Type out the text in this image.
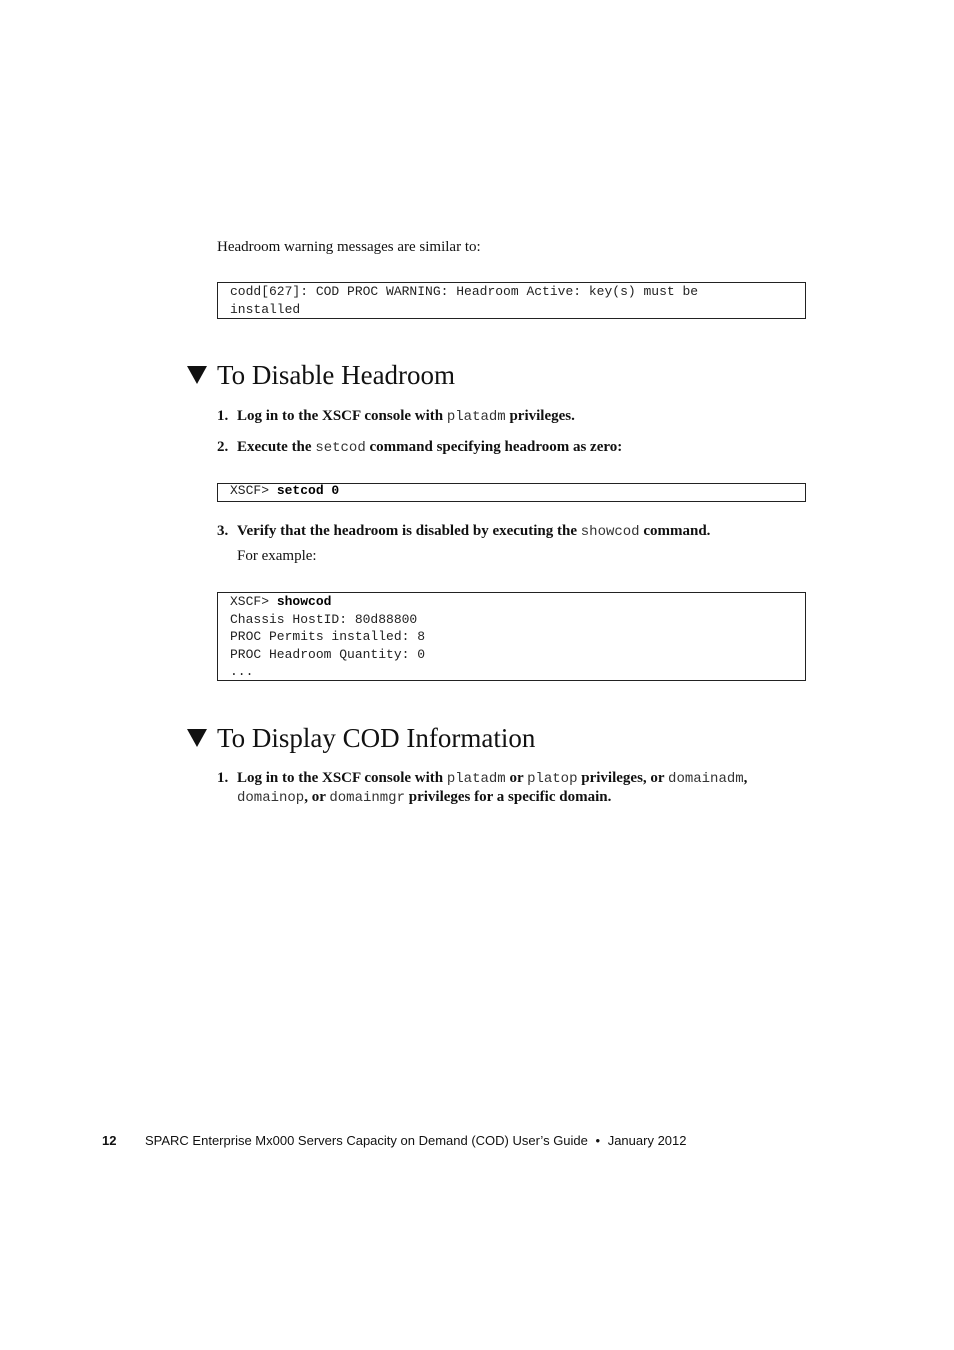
Headroom warning messages are similar to:
codd[627]: COD PROC WARNING: Headroom Active: key(s) must be
installed
To Disable Headroom
1. Log in to the XSCF console with platadm privileges.
2. Execute the setcod command specifying headroom as zero:
XSCF> setcod 0
3. Verify that the headroom is disabled by executing the showcod command.
For example:
XSCF> showcod
Chassis HostID: 80d88800
PROC Permits installed: 8
PROC Headroom Quantity: 0
...
To Display COD Information
1. Log in to the XSCF console with platadm or platop privileges, or domainadm,
domainop, or domainmgr privileges for a specific domain.
12 SPARC Enterprise Mx000 Servers Capacity on Demand (COD) User’s Guide • January 2012
